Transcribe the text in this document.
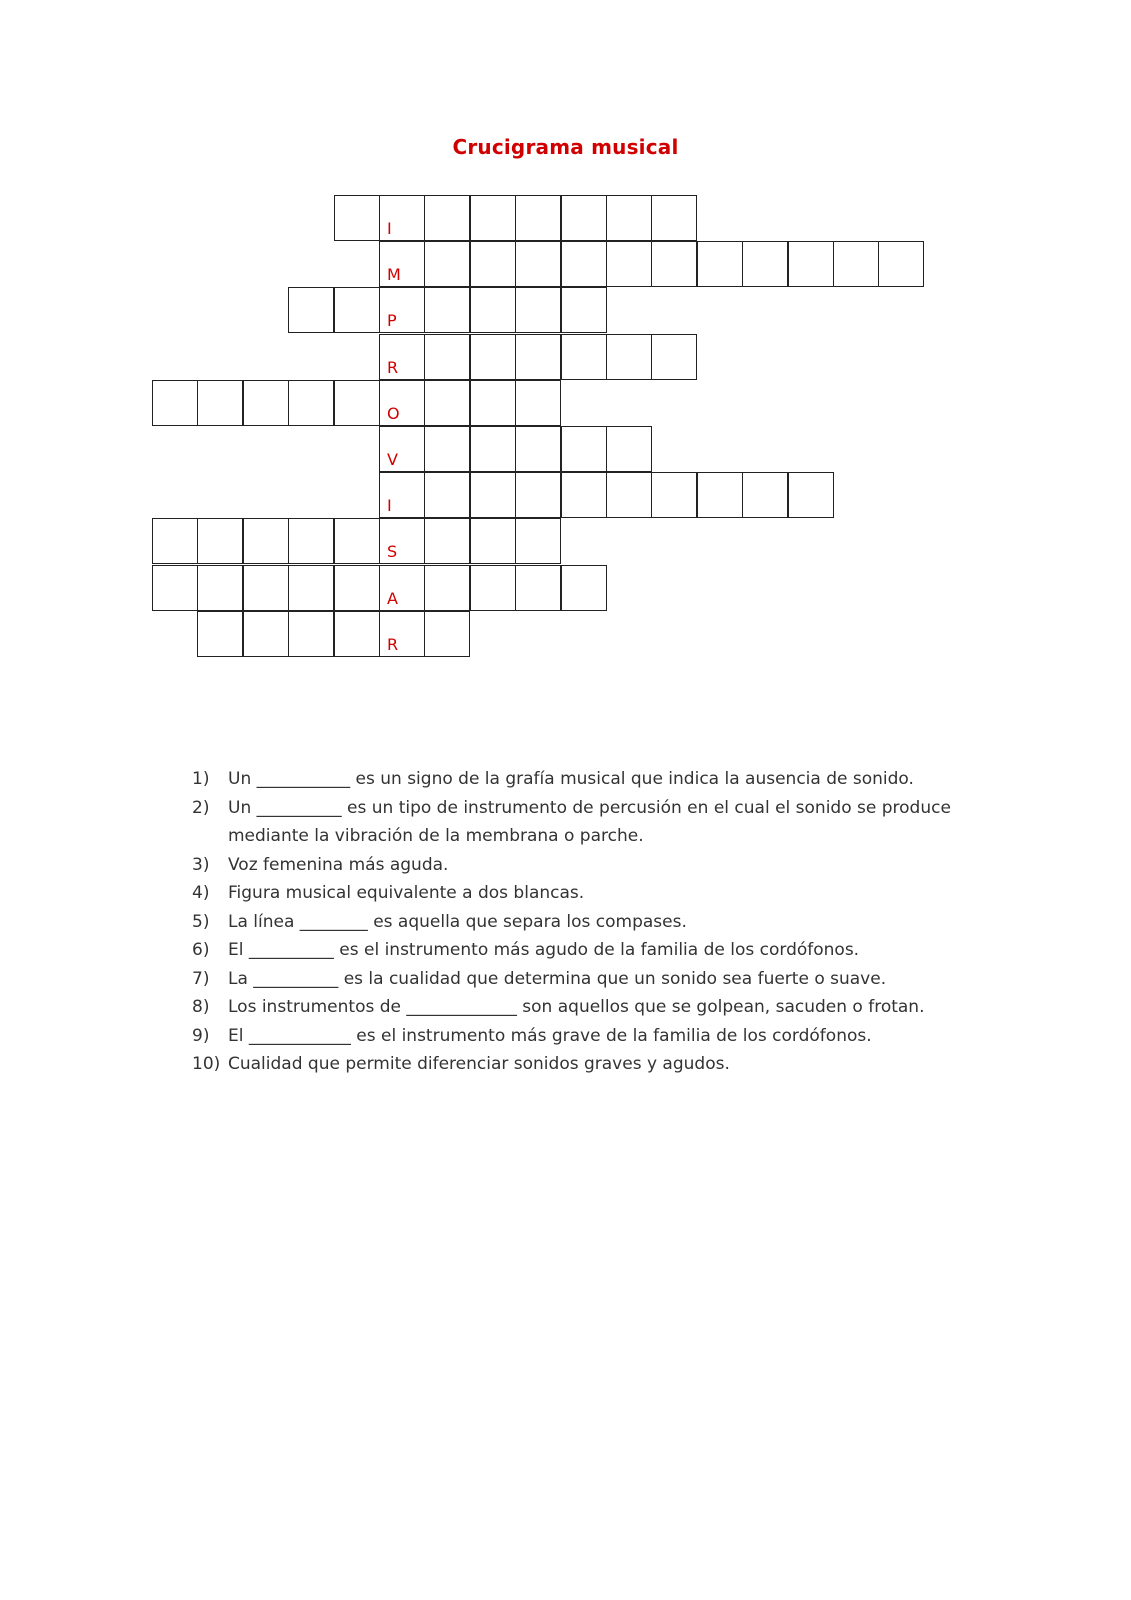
Crucigrama musical
I
M
P
R
O
V
I
S
A
R
1) Un ___________ es un signo de la grafía musical que indica la ausencia de sonido.
2) Un __________ es un tipo de instrumento de percusión en el cual el sonido se produce mediante la vibración de la membrana o parche.
3) Voz femenina más aguda.
4) Figura musical equivalente a dos blancas.
5) La línea ________ es aquella que separa los compases.
6) El __________ es el instrumento más agudo de la familia de los cordófonos.
7) La __________ es la cualidad que determina que un sonido sea fuerte o suave.
8) Los instrumentos de _____________ son aquellos que se golpean, sacuden o frotan.
9) El ____________ es el instrumento más grave de la familia de los cordófonos.
10) Cualidad que permite diferenciar sonidos graves y agudos.
